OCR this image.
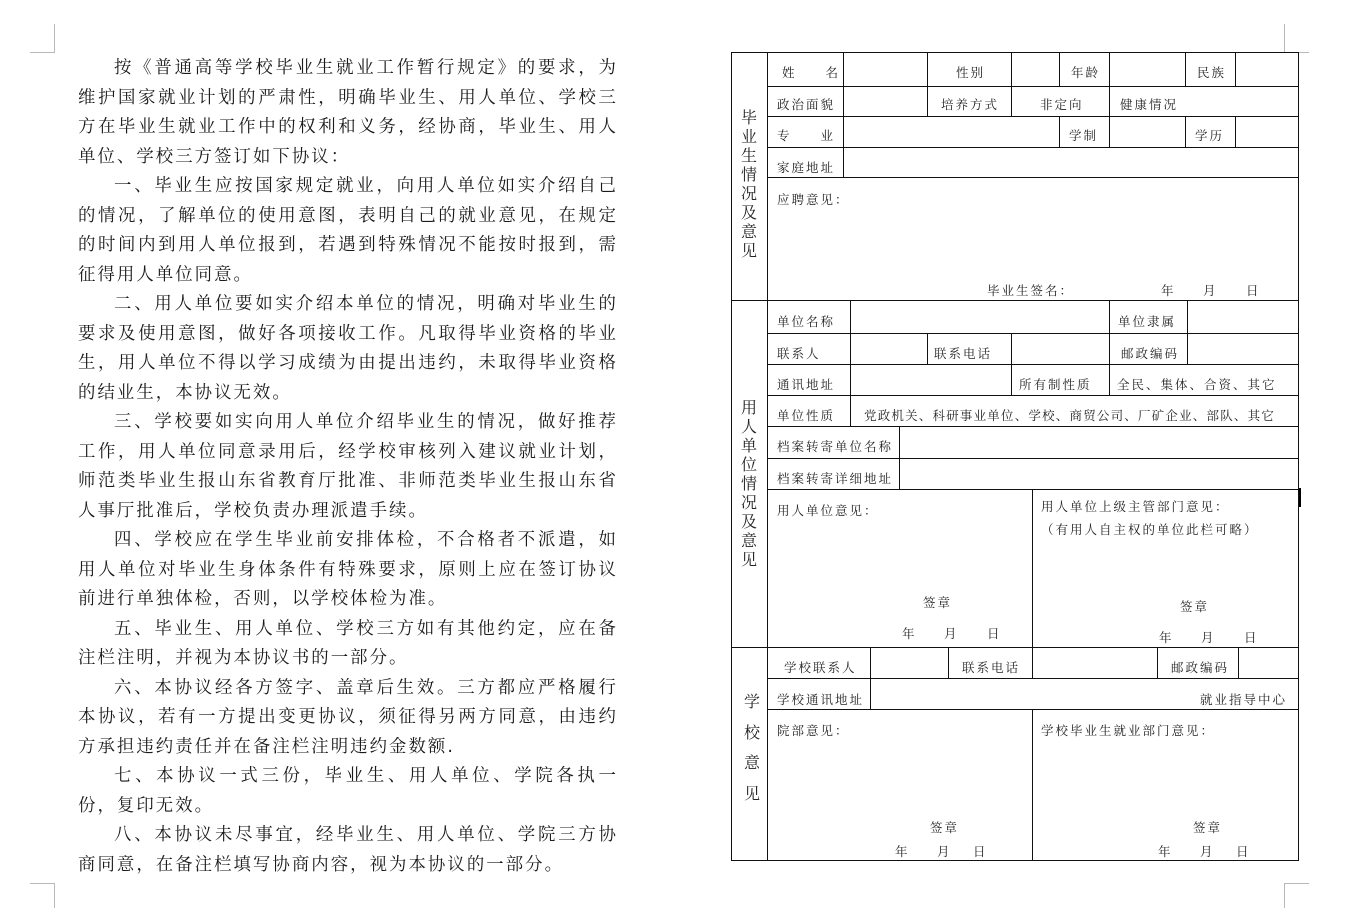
按《普通高等学校毕业生就业工作暂行规定》的要求，为维护国家就业计划的严肃性，明确毕业生、用人单位、学校三方在毕业生就业工作中的权利和义务，经协商，毕业生、用人单位、学校三方签订如下协议：

一、毕业生应按国家规定就业，向用人单位如实介绍自己的情况，了解单位的使用意图，表明自己的就业意见，在规定的时间内到用人单位报到，若遇到特殊情况不能按时报到，需征得用人单位同意。

二、用人单位要如实介绍本单位的情况，明确对毕业生的要求及使用意图，做好各项接收工作。凡取得毕业资格的毕业生，用人单位不得以学习成绩为由提出违约，未取得毕业资格的结业生，本协议无效。

三、学校要如实向用人单位介绍毕业生的情况，做好推荐工作，用人单位同意录用后，经学校审核列入建议就业计划，师范类毕业生报山东省教育厅批准、非师范类毕业生报山东省人事厅批准后，学校负责办理派遣手续。

四、学校应在学生毕业前安排体检，不合格者不派遣，如用人单位对毕业生身体条件有特殊要求，原则上应在签订协议前进行单独体检，否则，以学校体检为准。

五、毕业生、用人单位、学校三方如有其他约定，应在备注栏注明，并视为本协议书的一部分。

六、本协议经各方签字、盖章后生效。三方都应严格履行本协议，若有一方提出变更协议，须征得另两方同意，由违约方承担违约责任并在备注栏注明违约金数额.

七、本协议一式三份，毕业生、用人单位、学院各执一份，复印无效。

八、本协议未尽事宜，经毕业生、用人单位、学院三方协商同意，在备注栏填写协商内容，视为本协议的一部分。

毕业生情况及意见
姓　　名	性别	年龄	民族
政治面貌	培养方式	非定向	健康情况
专　　业	学制	学历
家庭地址
应聘意见：
毕业生签名：	年 月 日
用人单位情况及意见
单位名称	单位隶属
联系人	联系电话	邮政编码
通讯地址	所有制性质 全民、集体、合资、其它
单位性质 党政机关、科研事业单位、学校、商贸公司、厂矿企业、部队、其它
档案转寄单位名称
档案转寄详细地址
用人单位意见：
签章
年 月 日
用人单位上级主管部门意见：
（有用人自主权的单位此栏可略）
签章
年 月 日
学校意见
学校联系人	联系电话	邮政编码
学校通讯地址	就业指导中心
院部意见：
签章
年 月 日
学校毕业生就业部门意见：
签章
年 月 日
